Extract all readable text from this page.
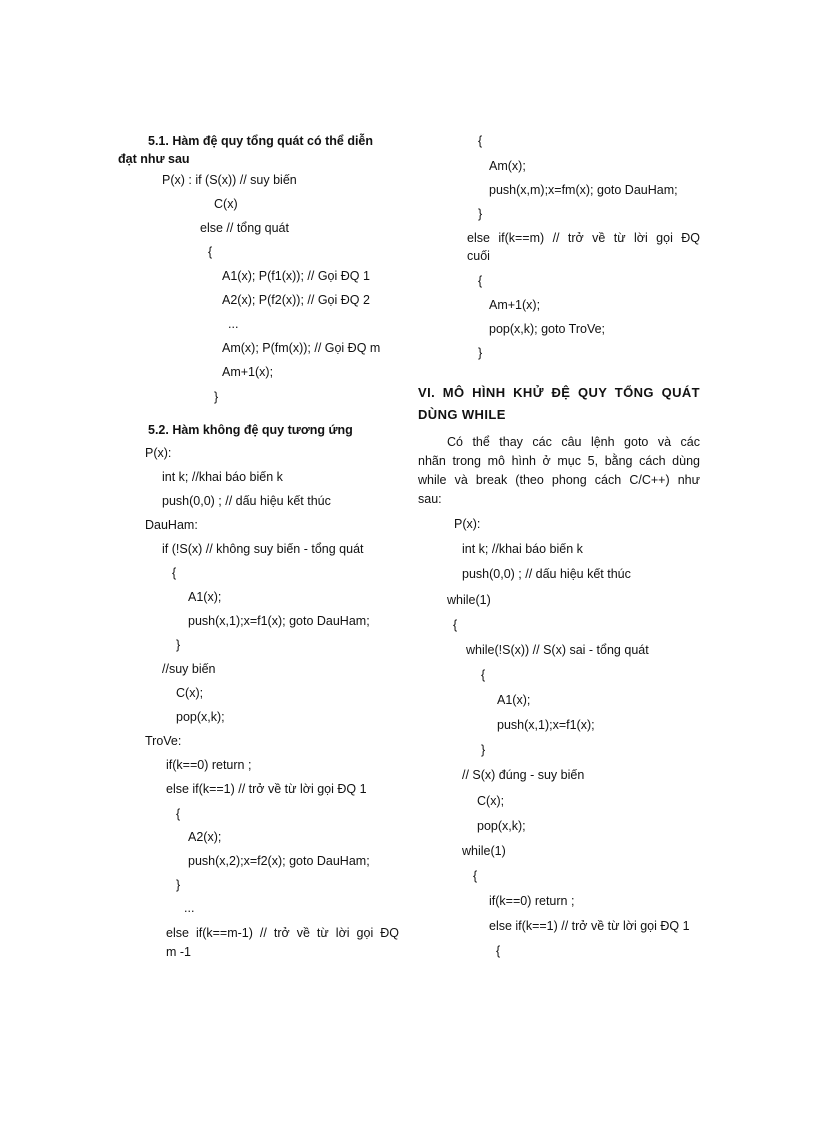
5.1. Hàm đệ quy tổng quát có thể diễn
đạt như sau
P(x) : if (S(x)) // suy biến
C(x)
else // tổng quát
{
A1(x); P(f1(x)); // Gọi ĐQ 1
A2(x); P(f2(x)); // Gọi ĐQ 2
...
Am(x); P(fm(x)); // Gọi ĐQ m
Am+1(x);
}
5.2. Hàm không đệ quy tương ứng
P(x):
int k; //khai báo biến k
push(0,0) ; // dấu hiệu kết thúc
DauHam:
if (!S(x) // không suy biến - tổng quát
{
A1(x);
push(x,1);x=f1(x); goto DauHam;
}
//suy biến
C(x);
pop(x,k);
TroVe:
if(k==0) return ;
else if(k==1) // trở về từ lời gọi ĐQ 1
{
A2(x);
push(x,2);x=f2(x); goto DauHam;
}
...
else if(k==m-1) // trở về từ lời gọi ĐQ
m -1
{
Am(x);
push(x,m);x=fm(x); goto DauHam;
}
else if(k==m) // trở về từ lời gọi ĐQ
cuối
{
Am+1(x);
pop(x,k); goto TroVe;
}
VI. MÔ HÌNH KHỬ ĐỆ QUY TỔNG QUÁT
DÙNG WHILE
Có thể thay các câu lệnh goto và các
nhãn trong mô hình ở mục 5, bằng cách dùng
while và break (theo phong cách C/C++) như
sau:
P(x):
int k; //khai báo biến k
push(0,0) ; // dấu hiệu kết thúc
while(1)
{
while(!S(x)) // S(x) sai - tổng quát
{
A1(x);
push(x,1);x=f1(x);
}
// S(x) đúng - suy biến
C(x);
pop(x,k);
while(1)
{
if(k==0) return ;
else if(k==1) // trở về từ lời gọi ĐQ 1
{
